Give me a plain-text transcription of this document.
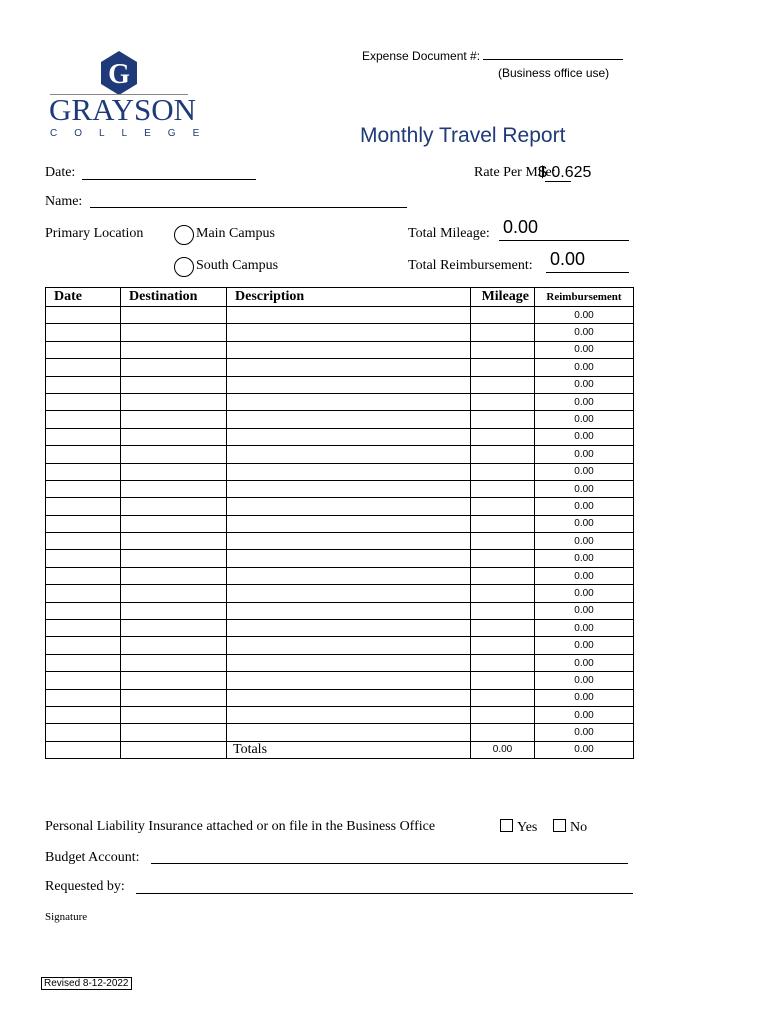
Expense Document #:
(Business office use)
G
GRAYSON
COLLEGE	Monthly Travel Report
Date:	Rate Per Mile:
$ 0.625
Name:
Primary Location	Main Campus
South Campus
Total Mileage: 0.00
Total Reimbursement: 0.00
Date	Destination	Description	Mileage	Reimbursement
				0.00
				0.00
				0.00
				0.00
				0.00
				0.00
				0.00
				0.00
				0.00
				0.00
				0.00
				0.00
				0.00
				0.00
				0.00
				0.00
				0.00
				0.00
				0.00
				0.00
				0.00
				0.00
				0.00
				0.00
				0.00
		Totals	0.00	0.00
Personal Liability Insurance attached or on file in the Business Office	Yes	No
Budget Account:
Requested by:
Signature
Revised 8-12-2022
